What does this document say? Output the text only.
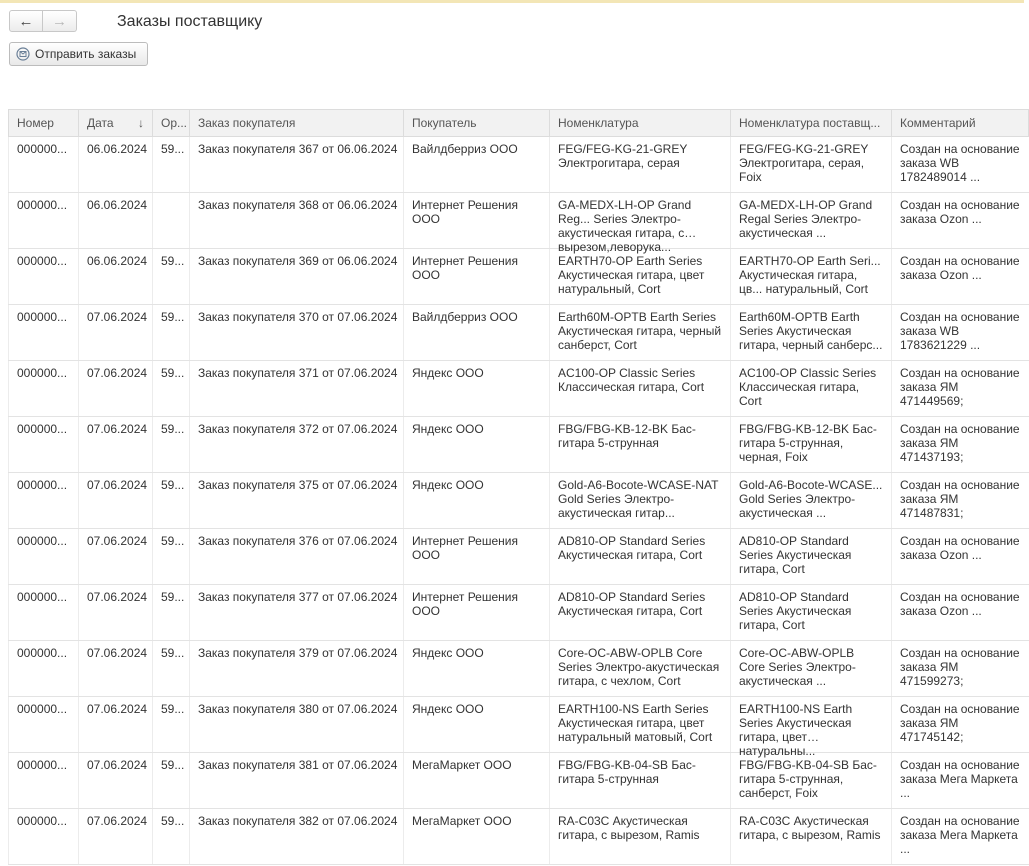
← →	Заказы поставщику
Отправить заказы
Номер	Дата ↓	Ор...	Заказ покупателя	Покупатель	Номенклатура	Номенклатура поставщ...	Комментарий
000000...	06.06.2024	59...	Заказ покупателя 367 от 06.06.2024	Вайлдберриз ООО	FEG/FEG-KG-21-GREY Электрогитара, серая	FEG/FEG-KG-21-GREY Электрогитара, серая, Foix	Создан на основание заказа WB 1782489014 ...

000000...	06.06.2024		Заказ покупателя 368 от 06.06.2024	Интернет Решения ООО	GA-MEDX-LH-OP Grand Reg... Series Электро-акустическая гитара, с вырезом,леворука...	GA-MEDX-LH-OP Grand Regal Series Электро-акустическая ...	Создан на основание заказа Ozon ...

000000...	06.06.2024	59...	Заказ покупателя 369 от 06.06.2024	Интернет Решения ООО	EARTH70-OP Earth Series Акустическая гитара, цвет натуральный, Cort	EARTH70-OP Earth Seri... Акустическая гитара, цв... натуральный, Cort	Создан на основание заказа Ozon ...

000000...	07.06.2024	59...	Заказ покупателя 370 от 07.06.2024	Вайлдберриз ООО	Earth60M-OPTB Earth Series Акустическая гитара, черный санберст, Cort	Earth60M-OPTB Earth Series Акустическая гитара, черный санберс...	Создан на основание заказа WB 1783621229 ...

000000...	07.06.2024	59...	Заказ покупателя 371 от 07.06.2024	Яндекс ООО	AC100-OP Classic Series Классическая гитара, Cort	AC100-OP Classic Series Классическая гитара, Cort	Создан на основание заказа ЯМ 471449569;

000000...	07.06.2024	59...	Заказ покупателя 372 от 07.06.2024	Яндекс ООО	FBG/FBG-KB-12-BK Бас-гитара 5-струнная	FBG/FBG-KB-12-BK Бас-гитара 5-струнная, черная, Foix	Создан на основание заказа ЯМ 471437193;

000000...	07.06.2024	59...	Заказ покупателя 375 от 07.06.2024	Яндекс ООО	Gold-A6-Bocote-WCASE-NAT Gold Series Электро-акустическая гитар...	Gold-A6-Bocote-WCASE... Gold Series Электро-акустическая ...	Создан на основание заказа ЯМ 471487831;

000000...	07.06.2024	59...	Заказ покупателя 376 от 07.06.2024	Интернет Решения ООО	AD810-OP Standard Series Акустическая гитара, Cort	AD810-OP Standard Series Акустическая гитара, Cort	Создан на основание заказа Ozon ...

000000...	07.06.2024	59...	Заказ покупателя 377 от 07.06.2024	Интернет Решения ООО	AD810-OP Standard Series Акустическая гитара, Cort	AD810-OP Standard Series Акустическая гитара, Cort	Создан на основание заказа Ozon ...

000000...	07.06.2024	59...	Заказ покупателя 379 от 07.06.2024	Яндекс ООО	Core-OC-ABW-OPLB Core Series Электро-акустическая гитара, с чехлом, Cort	Core-OC-ABW-OPLB Core Series Электро-акустическая ...	Создан на основание заказа ЯМ 471599273;

000000...	07.06.2024	59...	Заказ покупателя 380 от 07.06.2024	Яндекс ООО	EARTH100-NS Earth Series Акустическая гитара, цвет натуральный матовый, Cort	EARTH100-NS Earth Series Акустическая гитара, цвет натуральны...	Создан на основание заказа ЯМ 471745142;

000000...	07.06.2024	59...	Заказ покупателя 381 от 07.06.2024	МегаМаркет ООО	FBG/FBG-KB-04-SB Бас-гитара 5-струнная	FBG/FBG-KB-04-SB Бас-гитара 5-струнная, санберст, Foix	Создан на основание заказа Мега Маркета ...

000000...	07.06.2024	59...	Заказ покупателя 382 от 07.06.2024	МегаМаркет ООО	RA-C03C Акустическая гитара, с вырезом, Ramis	RA-C03C Акустическая гитара, с вырезом, Ramis	Создан на основание заказа Мега Маркета ...
